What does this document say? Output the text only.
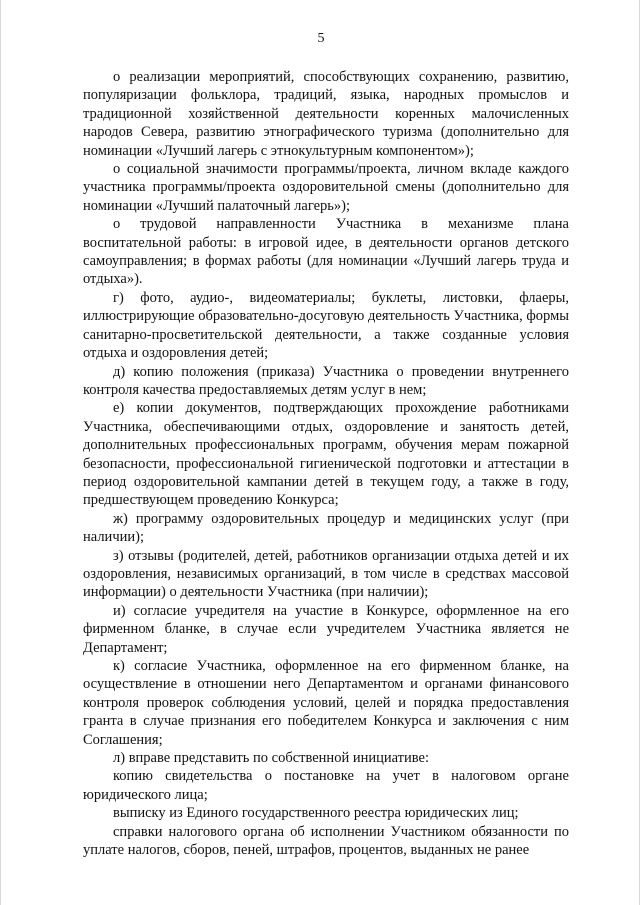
5

о реализации мероприятий, способствующих сохранению, развитию, популяризации фольклора, традиций, языка, народных промыслов и традиционной хозяйственной деятельности коренных малочисленных народов Севера, развитию этнографического туризма (дополнительно для номинации «Лучший лагерь с этнокультурным компонентом»);

о социальной значимости программы/проекта, личном вкладе каждого участника программы/проекта оздоровительной смены (дополнительно для номинации «Лучший палаточный лагерь»);

о трудовой направленности Участника в механизме плана воспитательной работы: в игровой идее, в деятельности органов детского самоуправления; в формах работы (для номинации «Лучший лагерь труда и отдыха»).

г) фото, аудио-, видеоматериалы; буклеты, листовки, флаеры, иллюстрирующие образовательно-досуговую деятельность Участника, формы санитарно-просветительской деятельности, а также созданные условия отдыха и оздоровления детей;

д) копию положения (приказа) Участника о проведении внутреннего контроля качества предоставляемых детям услуг в нем;

е) копии документов, подтверждающих прохождение работниками Участника, обеспечивающими отдых, оздоровление и занятость детей, дополнительных профессиональных программ, обучения мерам пожарной безопасности, профессиональной гигиенической подготовки и аттестации в период оздоровительной кампании детей в текущем году, а также в году, предшествующем проведению Конкурса;

ж) программу оздоровительных процедур и медицинских услуг (при наличии);

з) отзывы (родителей, детей, работников организации отдыха детей и их оздоровления, независимых организаций, в том числе в средствах массовой информации) о деятельности Участника (при наличии);

и) согласие учредителя на участие в Конкурсе, оформленное на его фирменном бланке, в случае если учредителем Участника является не Департамент;

к) согласие Участника, оформленное на его фирменном бланке, на осуществление в отношении него Департаментом и органами финансового контроля проверок соблюдения условий, целей и порядка предоставления гранта в случае признания его победителем Конкурса и заключения с ним Соглашения;

л) вправе представить по собственной инициативе:

копию свидетельства о постановке на учет в налоговом органе юридического лица;

выписку из Единого государственного реестра юридических лиц;

справки налогового органа об исполнении Участником обязанности по уплате налогов, сборов, пеней, штрафов, процентов, выданных не ранее
